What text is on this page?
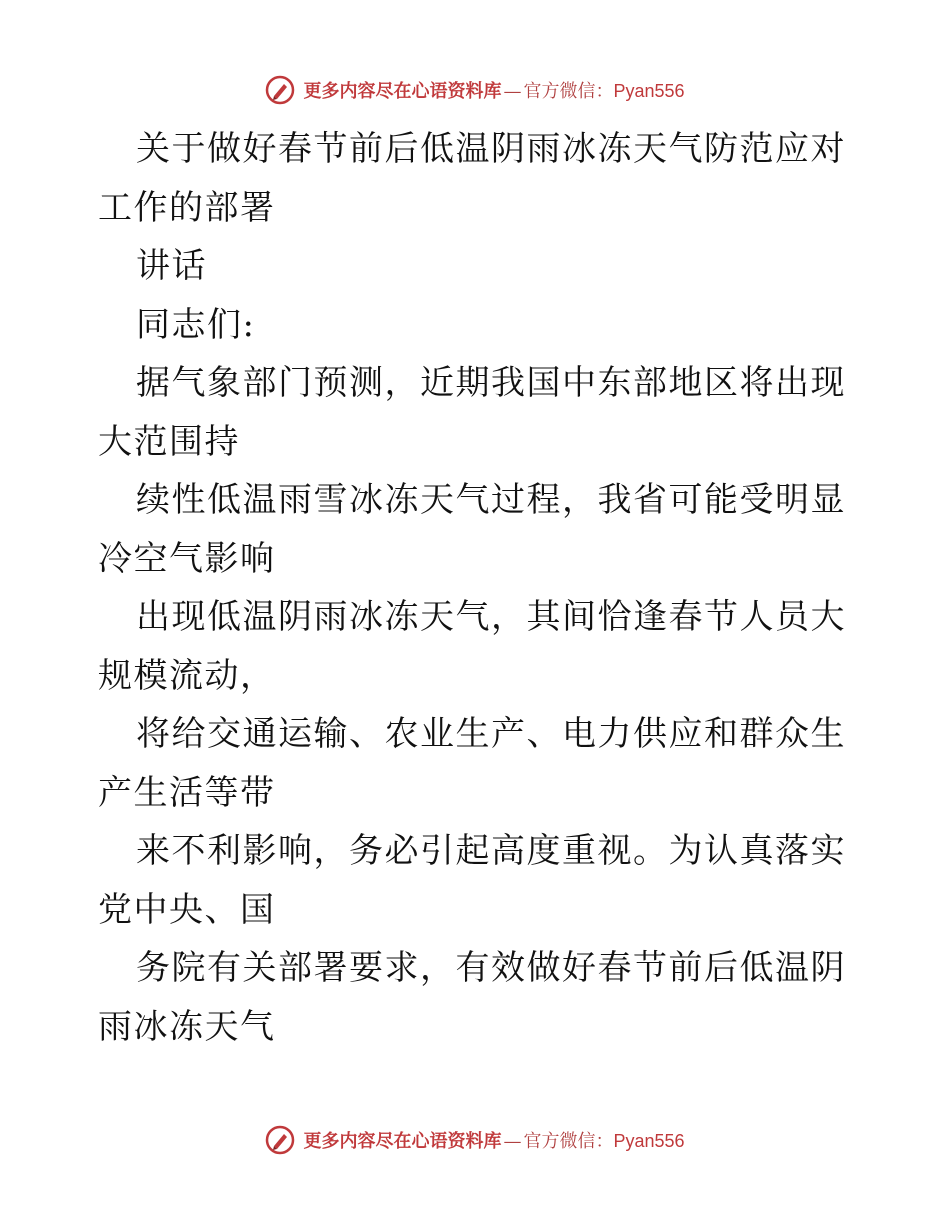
更多内容尽在心语资料库 — 官方微信：Pyan556

关于做好春节前后低温阴雨冰冻天气防范应对工作的部署

讲话

同志们:

据气象部门预测，近期我国中东部地区将出现大范围持

续性低温雨雪冰冻天气过程，我省可能受明显冷空气影响

出现低温阴雨冰冻天气，其间恰逢春节人员大规模流动，

将给交通运输、农业生产、电力供应和群众生产生活等带

来不利影响，务必引起高度重视。为认真落实党中央、国

务院有关部署要求，有效做好春节前后低温阴雨冰冻天气

更多内容尽在心语资料库 — 官方微信：Pyan556
